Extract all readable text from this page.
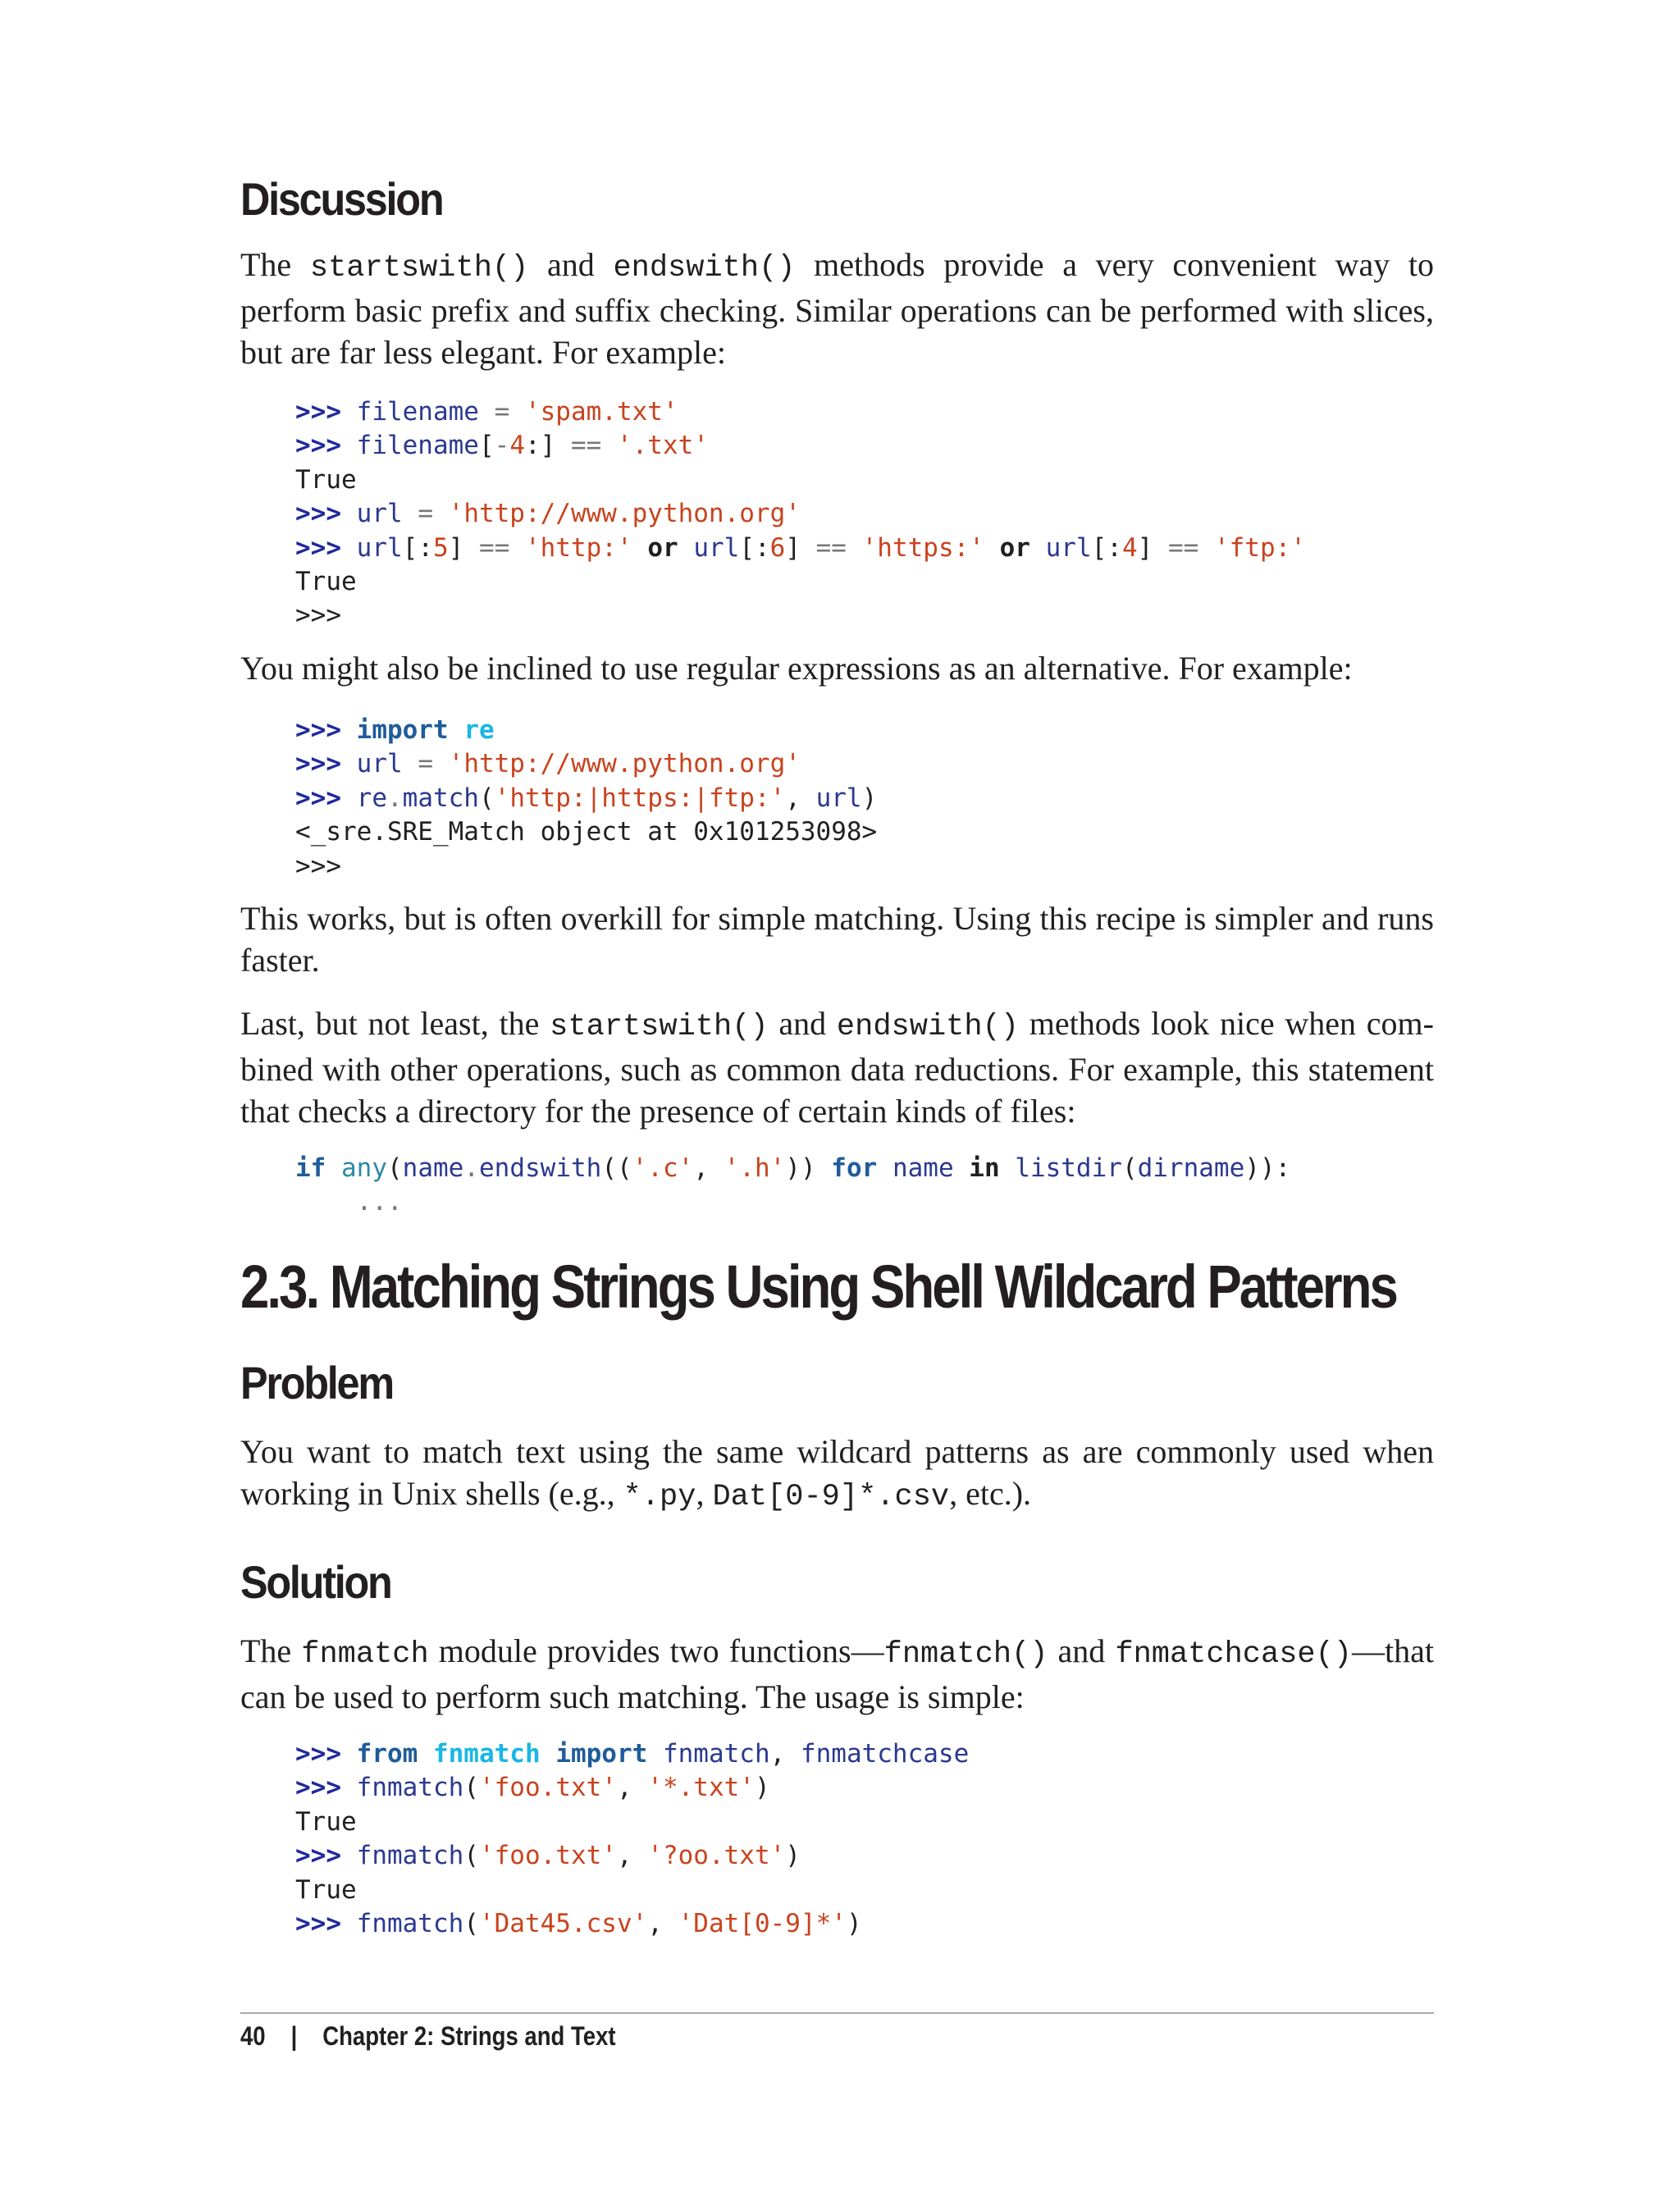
Discussion

The startswith() and endswith() methods provide a very convenient way to perform basic prefix and suffix checking. Similar operations can be performed with slices, but are far less elegant. For example:

>>> filename = 'spam.txt'
>>> filename[-4:] == '.txt'
True
>>> url = 'http://www.python.org'
>>> url[:5] == 'http:' or url[:6] == 'https:' or url[:4] == 'ftp:'
True
>>>

You might also be inclined to use regular expressions as an alternative. For example:

>>> import re
>>> url = 'http://www.python.org'
>>> re.match('http:|https:|ftp:', url)
<_sre.SRE_Match object at 0x101253098>
>>>

This works, but is often overkill for simple matching. Using this recipe is simpler and runs faster.

Last, but not least, the startswith() and endswith() methods look nice when combined with other operations, such as common data reductions. For example, this statement that checks a directory for the presence of certain kinds of files:

if any(name.endswith(('.c', '.h')) for name in listdir(dirname)):
...
2.3. Matching Strings Using Shell Wildcard Patterns
Problem

You want to match text using the same wildcard patterns as are commonly used when working in Unix shells (e.g., *.py, Dat[0-9]*.csv, etc.).

Solution

The fnmatch module provides two functions—fnmatch() and fnmatchcase()—that can be used to perform such matching. The usage is simple:

>>> from fnmatch import fnmatch, fnmatchcase
>>> fnmatch('foo.txt', '*.txt')
True
>>> fnmatch('foo.txt', '?oo.txt')
True
>>> fnmatch('Dat45.csv', 'Dat[0-9]*')
40 | Chapter 2: Strings and Text
